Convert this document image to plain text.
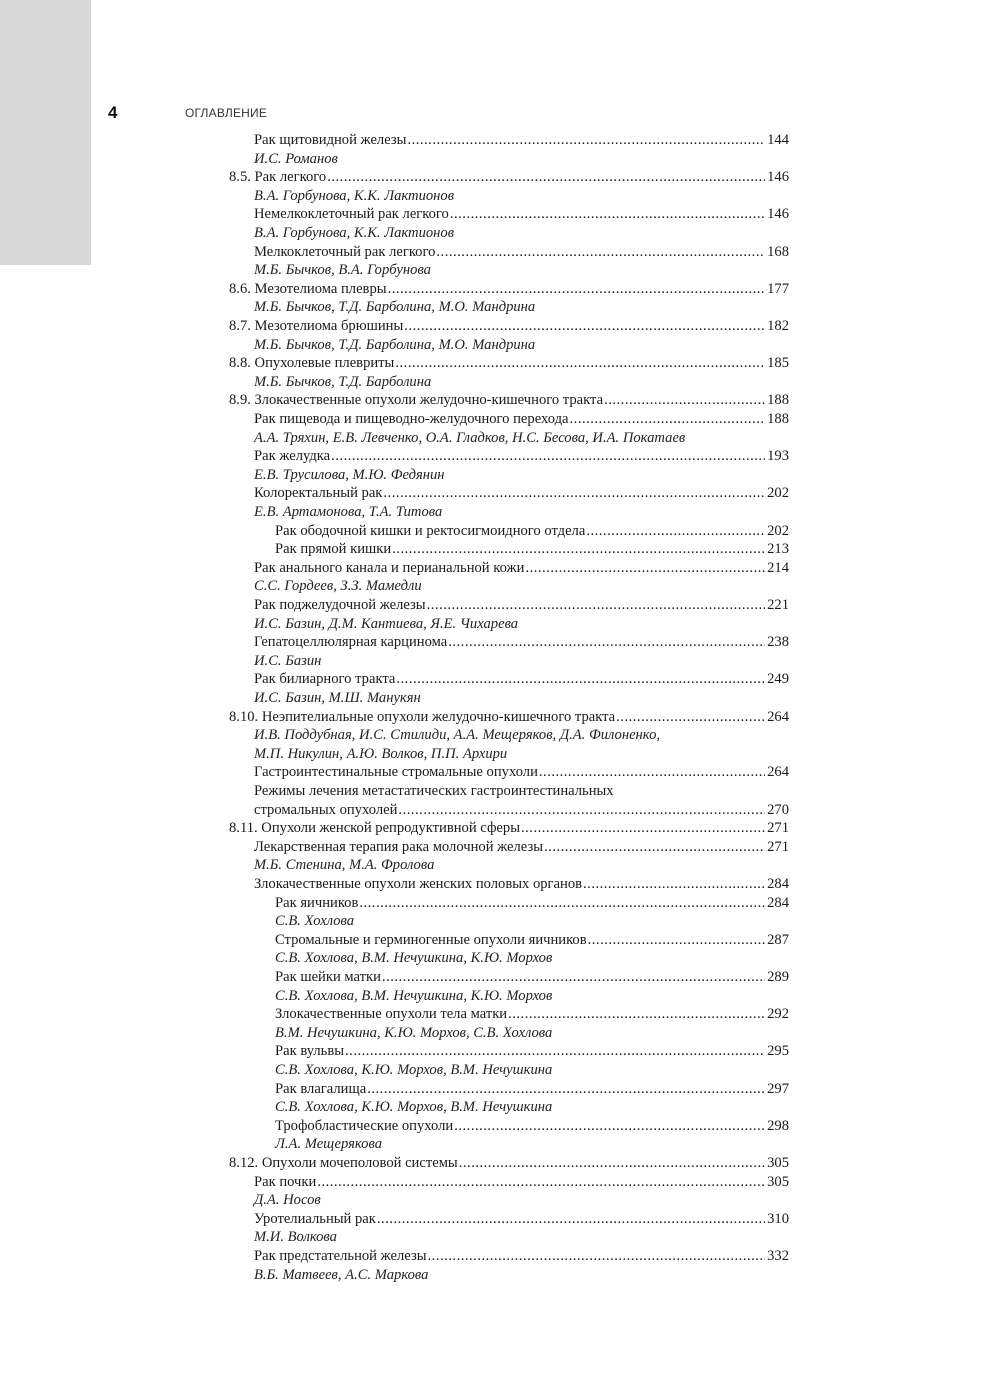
4	ОГЛАВЛЕНИЕ
Рак щитовидной железы .....	144
И.С. Романов
8.5. Рак легкого .....	146
В.А. Горбунова, К.К. Лактионов
Немелкоклеточный рак легкого .....	146
В.А. Горбунова, К.К. Лактионов
Мелкоклеточный рак легкого .....	168
М.Б. Бычков, В.А. Горбунова
8.6. Мезотелиома плевры .....	177
М.Б. Бычков, Т.Д. Барболина, М.О. Мандрина
8.7. Мезотелиома брюшины .....	182
М.Б. Бычков, Т.Д. Барболина, М.О. Мандрина
8.8. Опухолевые плевриты .....	185
М.Б. Бычков, Т.Д. Барболина
8.9. Злокачественные опухоли желудочно-кишечного тракта .....	188
Рак пищевода и пищеводно-желудочного перехода .....	188
А.А. Тряхин, Е.В. Левченко, О.А. Гладков, Н.С. Бесова, И.А. Покатаев
Рак желудка .....	193
Е.В. Трусилова, М.Ю. Федянин
Колоректальный рак .....	202
Е.В. Артамонова, Т.А. Титова
Рак ободочной кишки и ректосигмоидного отдела .....	202
Рак прямой кишки .....	213
Рак анального канала и перианальной кожи .....	214
С.С. Гордеев, З.З. Мамедли
Рак поджелудочной железы .....	221
И.С. Базин, Д.М. Кантиева, Я.Е. Чихарева
Гепатоцеллюлярная карцинома .....	238
И.С. Базин
Рак билиарного тракта .....	249
И.С. Базин, М.Ш. Манукян
8.10. Неэпителиальные опухоли желудочно-кишечного тракта .....	264
И.В. Поддубная, И.С. Стилиди, А.А. Мещеряков, Д.А. Филоненко,
М.П. Никулин, А.Ю. Волков, П.П. Архири
Гастроинтестинальные стромальные опухоли .....	264
Режимы лечения метастатических гастроинтестинальных
стромальных опухолей .....	270
8.11. Опухоли женской репродуктивной сферы .....	271
Лекарственная терапия рака молочной железы .....	271
М.Б. Стенина, М.А. Фролова
Злокачественные опухоли женских половых органов .....	284
Рак яичников .....	284
С.В. Хохлова
Стромальные и герминогенные опухоли яичников .....	287
С.В. Хохлова, В.М. Нечушкина, К.Ю. Морхов
Рак шейки матки .....	289
С.В. Хохлова, В.М. Нечушкина, К.Ю. Морхов
Злокачественные опухоли тела матки .....	292
В.М. Нечушкина, К.Ю. Морхов, С.В. Хохлова
Рак вульвы .....	295
С.В. Хохлова, К.Ю. Морхов, В.М. Нечушкина
Рак влагалища .....	297
С.В. Хохлова, К.Ю. Морхов, В.М. Нечушкина
Трофобластические опухоли .....	298
Л.А. Мещерякова
8.12. Опухоли мочеполовой системы .....	305
Рак почки .....	305
Д.А. Носов
Уротелиальный рак .....	310
М.И. Волкова
Рак предстательной железы .....	332
В.Б. Матвеев, А.С. Маркова
